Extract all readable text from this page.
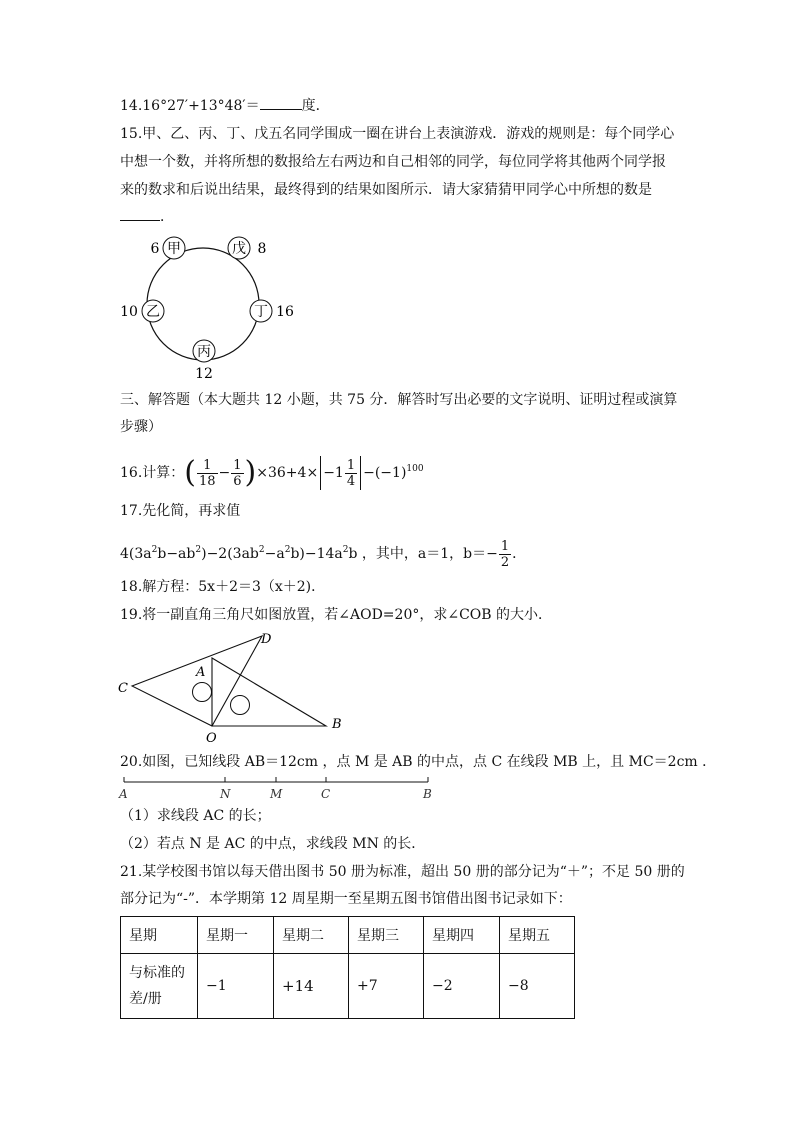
14.16°27′+13°48′＝	度．
15.甲、乙、丙、丁、戊五名同学围成一圈在讲台上表演游戏．游戏的规则是：每个同学心
中想一个数，并将所想的数报给左右两边和自己相邻的同学，每位同学将其他两个同学报
来的数求和后说出结果，最终得到的结果如图所示．请大家猜猜甲同学心中所想的数是
．
甲
6	戊 8
丁 16
丙
12
乙
10
三、解答题（本大题共 12 小题，共 75 分．解答时写出必要的文字说明、证明过程或演算
步骤）
16.计算：( $\frac{1}{18} - \frac{1}{6} )\times 36+4\times -1 \frac{1}{4} -(-1)^{100}$
17.先化简，再求值
$4(3a^2b-ab^2)-2(3ab^2-a^2b)-14a^2b$ ，其中，a＝1，$b=- \frac{1}{2}$ ．
18.解方程：5x＋2＝3（x＋2)．
19.将一副直角三角尺如图放置，若∠AOD=20°，求∠COB 的大小．
C
A
D
B
O
20.如图，已知线段 AB＝12cm ，点 M 是 AB 的中点，点 C 在线段 MB 上，且 MC＝2cm ．
A	N	M	C	B
（1）求线段 AC 的长；
（2）若点 N 是 AC 的中点，求线段 MN 的长．
21.某学校图书馆以每天借出图书 50 册为标准，超出 50 册的部分记为“＋”；不足 50 册的
部分记为“-”．本学期第 12 周星期一至星期五图书馆借出图书记录如下：
星期	星期一	星期二	星期三	星期四	星期五
与标准的
差/册	−1	+14	+7	−2	−8
